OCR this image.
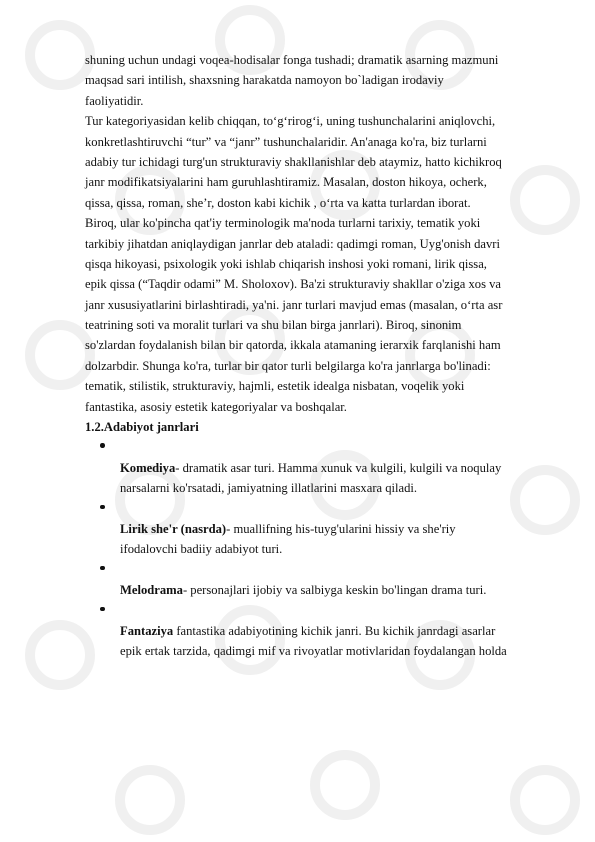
shuning uchun undagi voqea-hodisalar fonga tushadi; dramatik asarning mazmuni
maqsad sari intilish, shaxsning harakatda namoyon bo`ladigan irodaviy
faoliyatidir.
Tur kategoriyasidan kelib chiqqan, to‘g‘rirog‘i, uning tushunchalarini aniqlovchi,
konkretlashtiruvchi “tur” va “janr” tushunchalaridir. An'anaga ko'ra, biz turlarni
adabiy tur ichidagi turg'un strukturaviy shakllanishlar deb ataymiz, hatto kichikroq
janr modifikatsiyalarini ham guruhlashtiramiz. Masalan, doston hikoya, ocherk,
qissa, qissa, roman, she’r, doston kabi kichik , o‘rta va katta turlardan iborat.
Biroq, ular ko'pincha qat'iy terminologik ma'noda turlarni tarixiy, tematik yoki
tarkibiy jihatdan aniqlaydigan janrlar deb ataladi: qadimgi roman, Uyg'onish davri
qisqa hikoyasi, psixologik yoki ishlab chiqarish inshosi yoki romani, lirik qissa,
epik qissa (“Taqdir odami” M. Sholoxov). Ba'zi strukturaviy shakllar o'ziga xos va
janr xususiyatlarini birlashtiradi, ya'ni. janr turlari mavjud emas (masalan, o‘rta asr
teatrining soti va moralit turlari va shu bilan birga janrlari). Biroq, sinonim
so'zlardan foydalanish bilan bir qatorda, ikkala atamaning ierarxik farqlanishi ham
dolzarbdir. Shunga ko'ra, turlar bir qator turli belgilarga ko'ra janrlarga bo'linadi:
tematik, stilistik, strukturaviy, hajmli, estetik idealga nisbatan, voqelik yoki
fantastika, asosiy estetik kategoriyalar va boshqalar.
1.2.Adabiyot janrlari
Komediya- dramatik asar turi. Hamma xunuk va kulgili, kulgili va noqulay
narsalarni ko'rsatadi, jamiyatning illatlarini masxara qiladi.
Lirik she'r (nasrda)- muallifning his-tuyg'ularini hissiy va she'riy
ifodalovchi badiiy adabiyot turi.
Melodrama- personajlari ijobiy va salbiyga keskin bo'lingan drama turi.
Fantaziya fantastika adabiyotining kichik janri. Bu kichik janrdagi asarlar
epik ertak tarzida, qadimgi mif va rivoyatlar motivlaridan foydalangan holda
